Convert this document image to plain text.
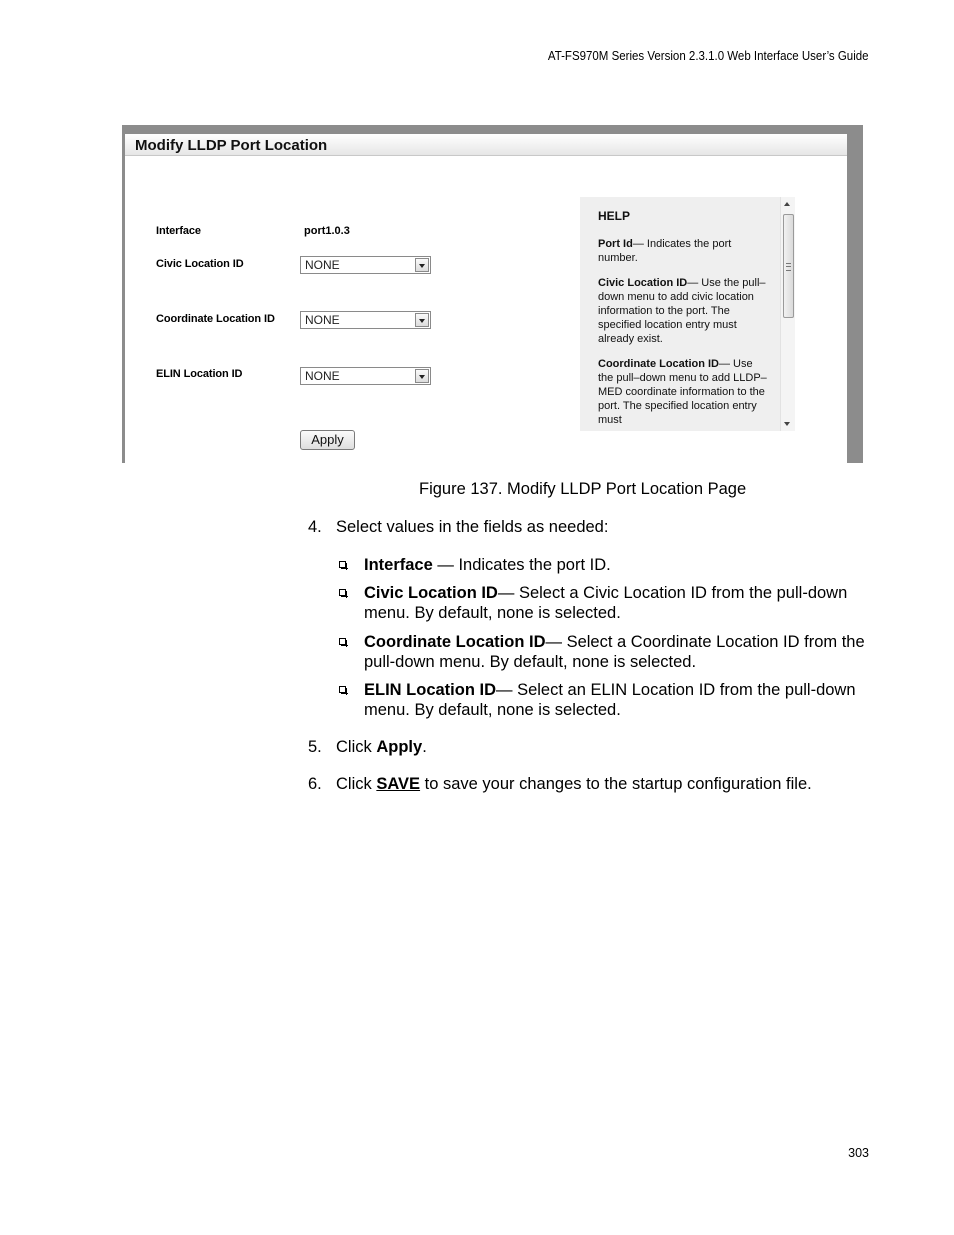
AT-FS970M Series Version 2.3.1.0 Web Interface User’s Guide
Modify LLDP Port Location
Interface	port1.0.3
Civic Location ID	NONE
Coordinate Location ID	NONE
ELIN Location ID	NONE
Apply
HELP

Port Id— Indicates the port number.

Civic Location ID— Use the pull–down menu to add civic location information to the port. The specified location entry must already exist.

Coordinate Location ID— Use the pull–down menu to add LLDP–MED coordinate information to the port. The specified location entry must

Figure 137. Modify LLDP Port Location Page
4. Select values in the fields as needed:
Interface — Indicates the port ID.
Civic Location ID— Select a Civic Location ID from the pull-down menu. By default, none is selected.
Coordinate Location ID— Select a Coordinate Location ID from the pull-down menu. By default, none is selected.
ELIN Location ID— Select an ELIN Location ID from the pull-down menu. By default, none is selected.
5. Click Apply.
6. Click SAVE to save your changes to the startup configuration file.
303
